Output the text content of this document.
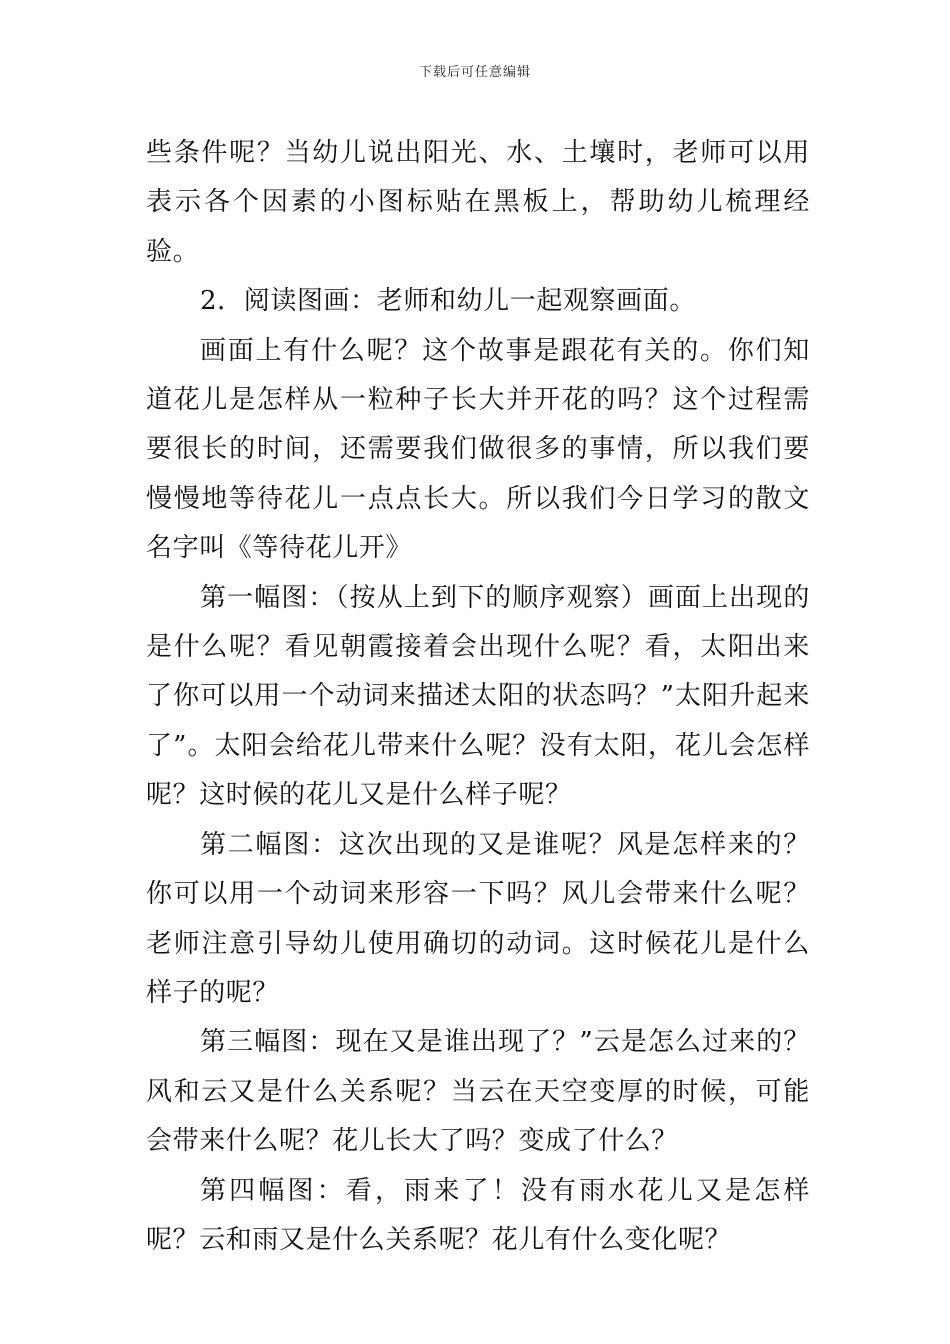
下载后可任意编辑

些条件呢？当幼儿说出阳光、水、土壤时，老师可以用表示各个因素的小图标贴在黑板上，帮助幼儿梳理经验。

2．阅读图画：老师和幼儿一起观察画面。

画面上有什么呢？这个故事是跟花有关的。你们知道花儿是怎样从一粒种子长大并开花的吗？这个过程需要很长的时间，还需要我们做很多的事情，所以我们要慢慢地等待花儿一点点长大。所以我们今日学习的散文名字叫《等待花儿开》

第一幅图：（按从上到下的顺序观察）画面上出现的是什么呢？看见朝霞接着会出现什么呢？看，太阳出来了你可以用一个动词来描述太阳的状态吗？”太阳升起来了”。太阳会给花儿带来什么呢？没有太阳，花儿会怎样呢？这时候的花儿又是什么样子呢？

第二幅图：这次出现的又是谁呢？风是怎样来的？你可以用一个动词来形容一下吗？风儿会带来什么呢？老师注意引导幼儿使用确切的动词。这时候花儿是什么样子的呢？

第三幅图：现在又是谁出现了？”云是怎么过来的？风和云又是什么关系呢？当云在天空变厚的时候，可能会带来什么呢？花儿长大了吗？变成了什么？

第四幅图：看，雨来了！没有雨水花儿又是怎样呢？云和雨又是什么关系呢？花儿有什么变化呢？
